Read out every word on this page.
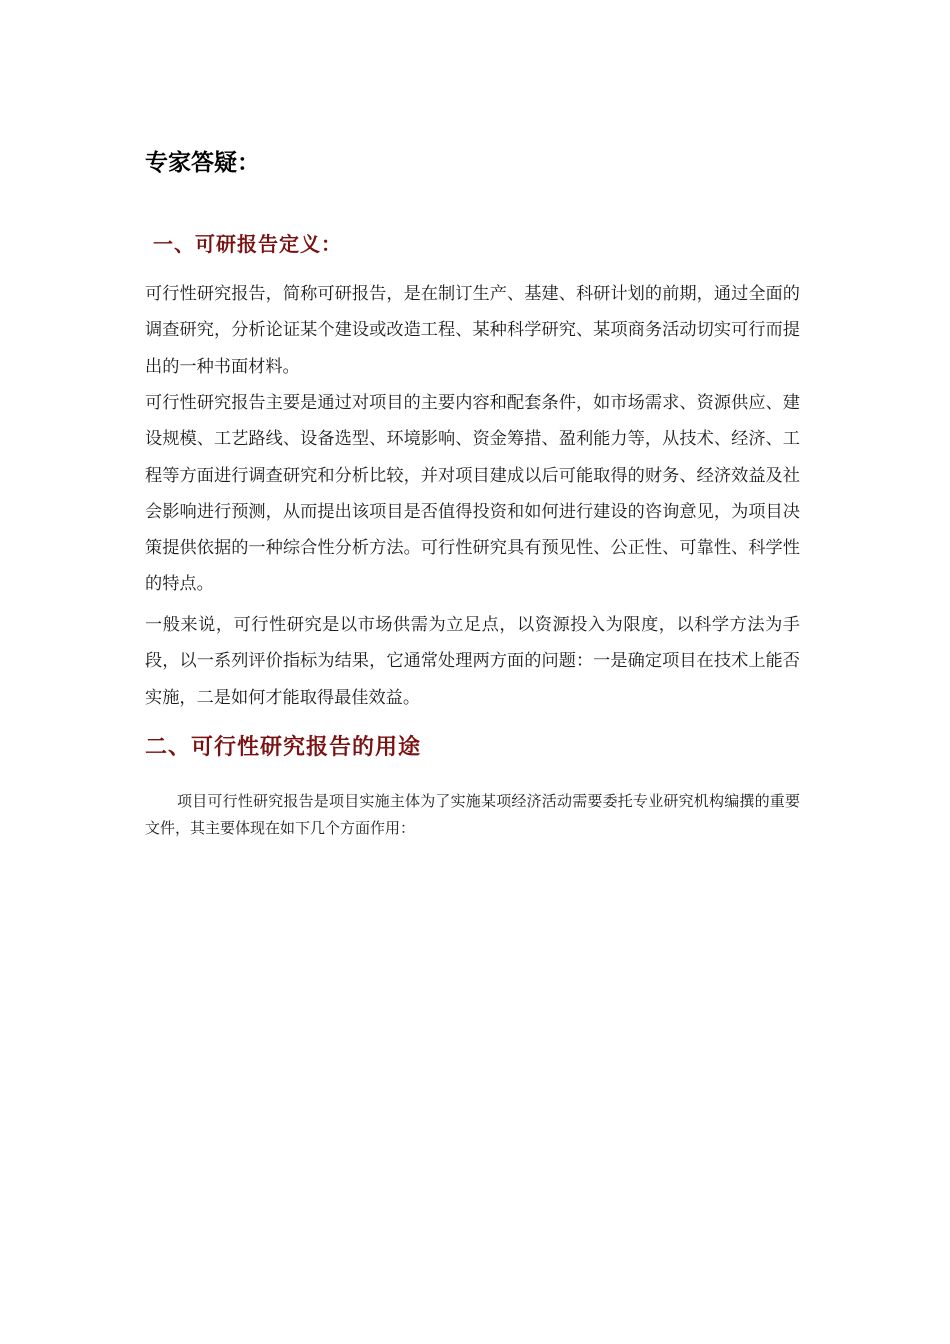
专家答疑：
一、可研报告定义：

可行性研究报告，简称可研报告，是在制订生产、基建、科研计划的前期，通过全面的调查研究，分析论证某个建设或改造工程、某种科学研究、某项商务活动切实可行而提出的一种书面材料。

可行性研究报告主要是通过对项目的主要内容和配套条件，如市场需求、资源供应、建设规模、工艺路线、设备选型、环境影响、资金筹措、盈利能力等，从技术、经济、工程等方面进行调查研究和分析比较，并对项目建成以后可能取得的财务、经济效益及社会影响进行预测，从而提出该项目是否值得投资和如何进行建设的咨询意见，为项目决策提供依据的一种综合性分析方法。可行性研究具有预见性、公正性、可靠性、科学性的特点。

一般来说，可行性研究是以市场供需为立足点，以资源投入为限度，以科学方法为手段，以一系列评价指标为结果，它通常处理两方面的问题：一是确定项目在技术上能否实施，二是如何才能取得最佳效益。

二、可行性研究报告的用途

项目可行性研究报告是项目实施主体为了实施某项经济活动需要委托专业研究机构编撰的重要文件，其主要体现在如下几个方面作用：
